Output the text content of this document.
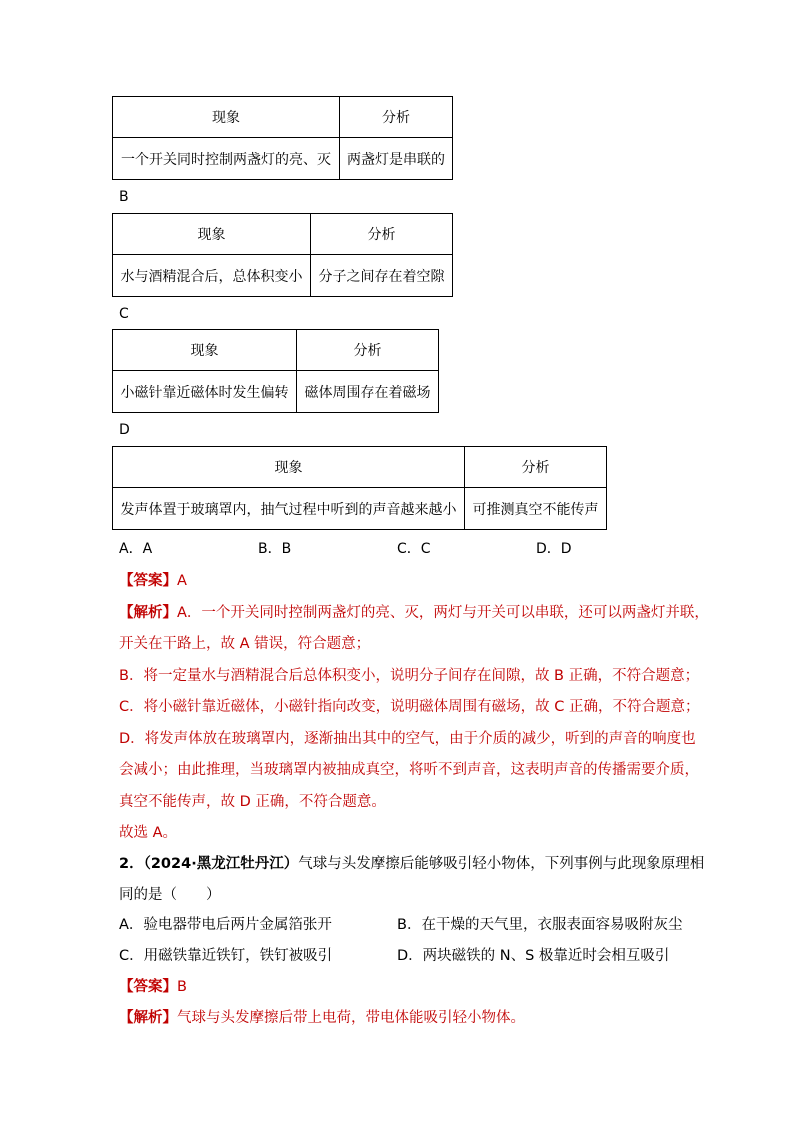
现象	分析
一个开关同时控制两盏灯的亮、灭	两盏灯是串联的
B
现象	分析
水与酒精混合后，总体积变小	分子之间存在着空隙
C
现象	分析
小磁针靠近磁体时发生偏转	磁体周围存在着磁场
D
现象	分析
发声体置于玻璃罩内，抽气过程中听到的声音越来越小	可推测真空不能传声
A．A	B．B	C．C	D．D
【答案】A
【解析】A．一个开关同时控制两盏灯的亮、灭，两灯与开关可以串联，还可以两盏灯并联，
开关在干路上，故 A 错误，符合题意；
B．将一定量水与酒精混合后总体积变小，说明分子间存在间隙，故 B 正确，不符合题意；
C．将小磁针靠近磁体，小磁针指向改变，说明磁体周围有磁场，故 C 正确，不符合题意；
D．将发声体放在玻璃罩内，逐渐抽出其中的空气，由于介质的减少，听到的声音的响度也
会减小；由此推理，当玻璃罩内被抽成真空，将听不到声音，这表明声音的传播需要介质，
真空不能传声，故 D 正确，不符合题意。
故选 A。
2．（2024·黑龙江牡丹江）气球与头发摩擦后能够吸引轻小物体，下列事例与此现象原理相
同的是（　　）
A．验电器带电后两片金属箔张开	B．在干燥的天气里，衣服表面容易吸附灰尘
C．用磁铁靠近铁钉，铁钉被吸引	D．两块磁铁的 N、S 极靠近时会相互吸引
【答案】B
【解析】气球与头发摩擦后带上电荷，带电体能吸引轻小物体。
